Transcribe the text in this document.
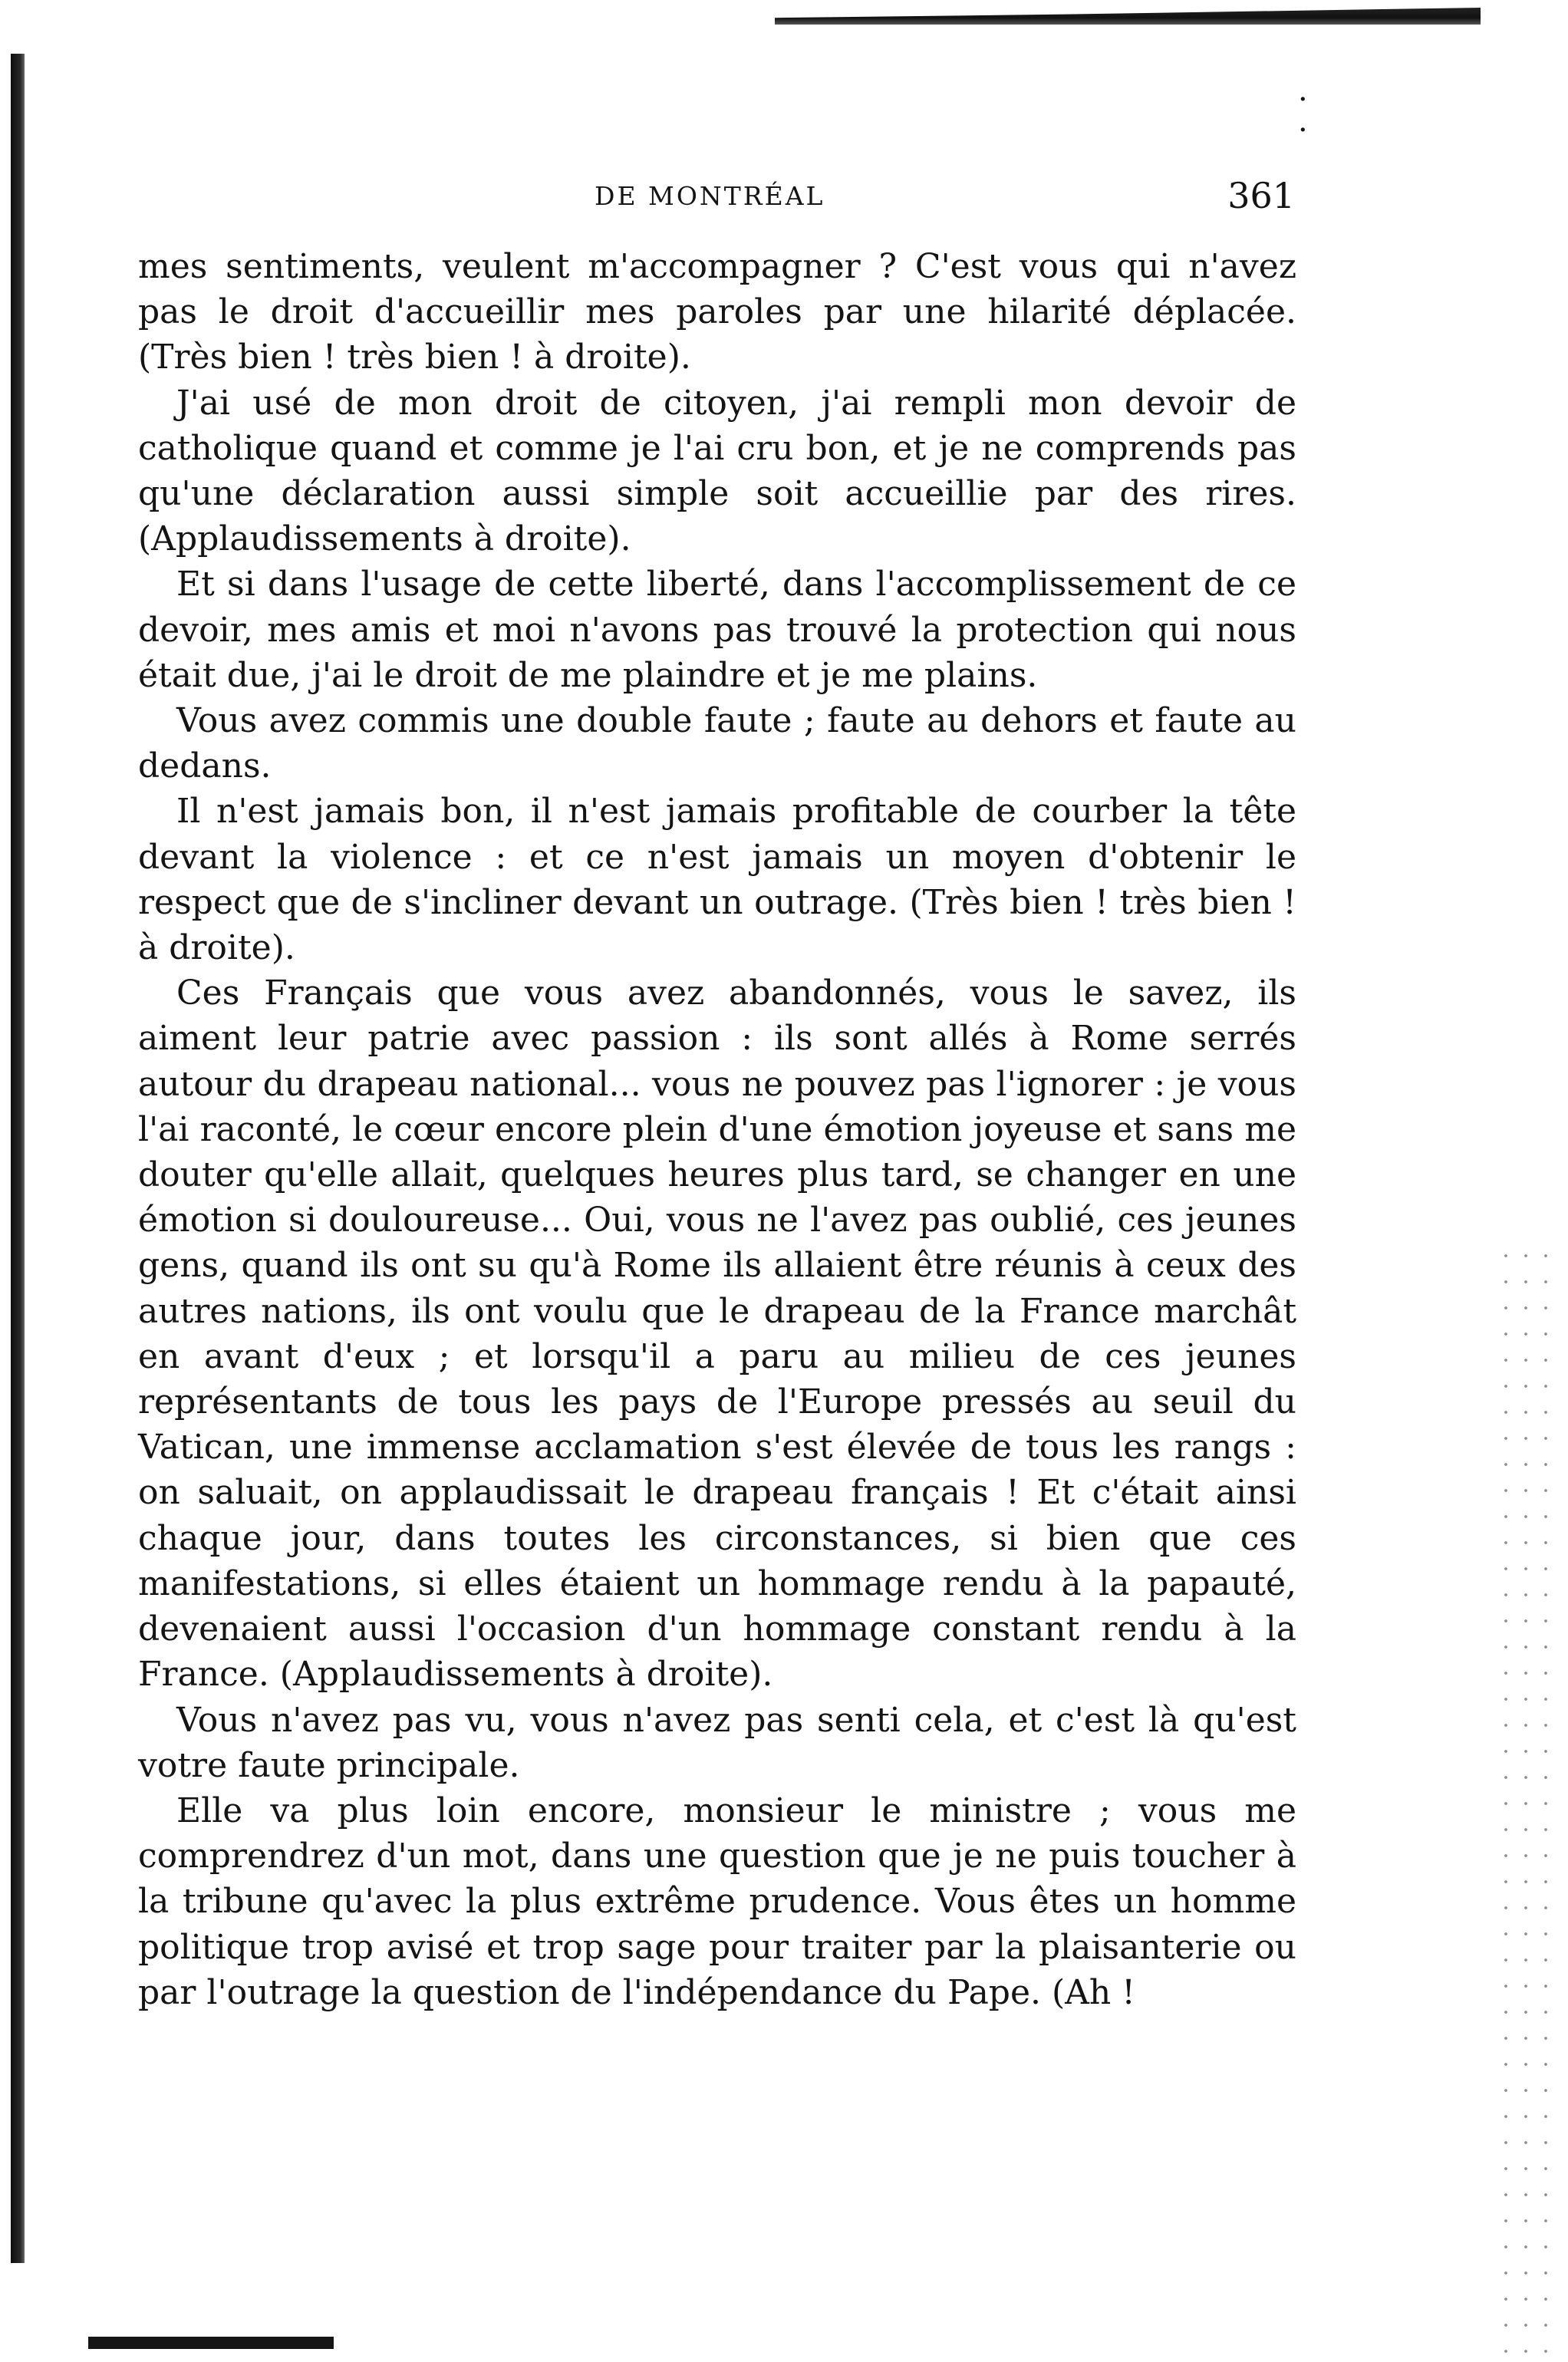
·
·
DE MONTRÉAL	361

mes sentiments, veulent m'accompagner ? C'est vous qui n'avez pas le droit d'accueillir mes paroles par une hilarité déplacée. (Très bien ! très bien ! à droite).

J'ai usé de mon droit de citoyen, j'ai rempli mon devoir de catholique quand et comme je l'ai cru bon, et je ne comprends pas qu'une déclaration aussi simple soit accueillie par des rires. (Applaudissements à droite).

Et si dans l'usage de cette liberté, dans l'accomplissement de ce devoir, mes amis et moi n'avons pas trouvé la protection qui nous était due, j'ai le droit de me plaindre et je me plains.

Vous avez commis une double faute ; faute au dehors et faute au dedans.

Il n'est jamais bon, il n'est jamais profitable de courber la tête devant la violence : et ce n'est jamais un moyen d'obtenir le respect que de s'incliner devant un outrage. (Très bien ! très bien ! à droite).

Ces Français que vous avez abandonnés, vous le savez, ils aiment leur patrie avec passion : ils sont allés à Rome serrés autour du drapeau national... vous ne pouvez pas l'ignorer : je vous l'ai raconté, le cœur encore plein d'une émotion joyeuse et sans me douter qu'elle allait, quelques heures plus tard, se changer en une émotion si douloureuse... Oui, vous ne l'avez pas oublié, ces jeunes gens, quand ils ont su qu'à Rome ils allaient être réunis à ceux des autres nations, ils ont voulu que le drapeau de la France marchât en avant d'eux ; et lorsqu'il a paru au milieu de ces jeunes représentants de tous les pays de l'Europe pressés au seuil du Vatican, une immense acclamation s'est élevée de tous les rangs : on saluait, on applaudissait le drapeau français ! Et c'était ainsi chaque jour, dans toutes les circonstances, si bien que ces manifestations, si elles étaient un hommage rendu à la papauté, devenaient aussi l'occasion d'un hommage constant rendu à la France. (Applaudissements à droite).

Vous n'avez pas vu, vous n'avez pas senti cela, et c'est là qu'est votre faute principale.

Elle va plus loin encore, monsieur le ministre ; vous me comprendrez d'un mot, dans une question que je ne puis toucher à la tribune qu'avec la plus extrême prudence. Vous êtes un homme politique trop avisé et trop sage pour traiter par la plaisanterie ou par l'outrage la question de l'indépendance du Pape. (Ah !
